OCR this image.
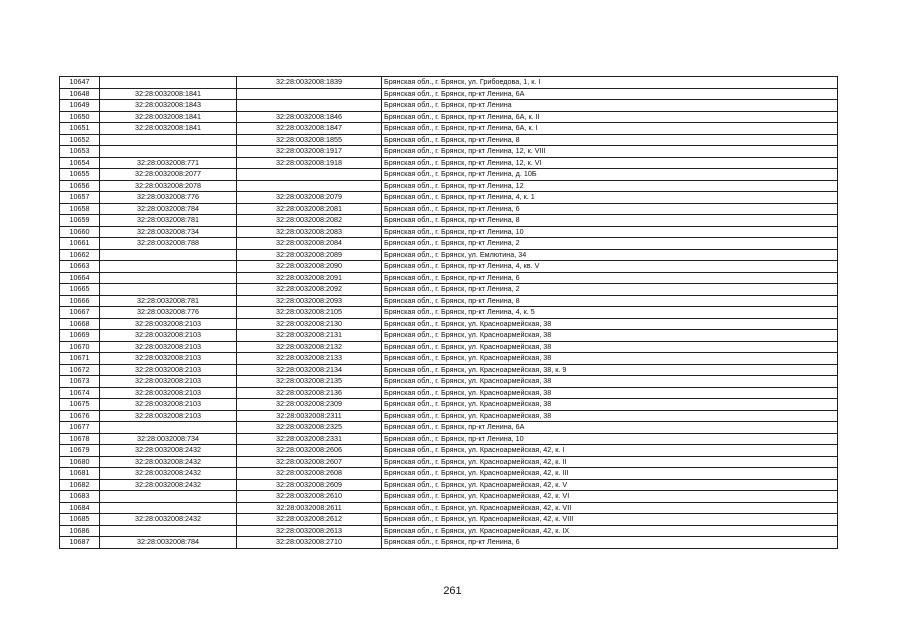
10647		32:28:0032008:1839	Брянская обл., г. Брянск, ул. Грибоедова, 1, к. I
10648	32:28:0032008:1841		Брянская обл., г. Брянск, пр-кт Ленина, 6А
10649	32:28:0032008:1843		Брянская обл., г. Брянск, пр-кт Ленина
10650	32:28:0032008:1841	32:28:0032008:1846	Брянская обл., г. Брянск, пр-кт Ленина, 6А, к. II
10651	32:28:0032008:1841	32:28:0032008:1847	Брянская обл., г. Брянск, пр-кт Ленина, 6А, к. I
10652		32:28:0032008:1855	Брянская обл., г. Брянск, пр-кт Ленина, 8
10653		32:28:0032008:1917	Брянская обл., г. Брянск, пр-кт Ленина, 12, к. VIII
10654	32:28:0032008:771	32:28:0032008:1918	Брянская обл., г. Брянск, пр-кт Ленина, 12, к. VI
10655	32:28:0032008:2077		Брянская обл., г. Брянск, пр-кт Ленина, д. 10Б
10656	32:28:0032008:2078		Брянская обл., г. Брянск, пр-кт Ленина, 12
10657	32:28:0032008:776	32:28:0032008:2079	Брянская обл., г. Брянск, пр-кт Ленина, 4, к. 1
10658	32:28:0032008:784	32:28:0032008:2081	Брянская обл., г. Брянск, пр-кт Ленина, 6
10659	32:28:0032008:781	32:28:0032008:2082	Брянская обл., г. Брянск, пр-кт Ленина, 8
10660	32:28:0032008:734	32:28:0032008:2083	Брянская обл., г. Брянск, пр-кт Ленина, 10
10661	32:28:0032008:788	32:28:0032008:2084	Брянская обл., г. Брянск, пр-кт Ленина, 2
10662		32:28:0032008:2089	Брянская обл., г. Брянск, ул. Емлютина, 34
10663		32:28:0032008:2090	Брянская обл., г. Брянск, пр-кт Ленина, 4, кв. V
10664		32:28:0032008:2091	Брянская обл., г. Брянск, пр-кт Ленина, 6
10665		32:28:0032008:2092	Брянская обл., г. Брянск, пр-кт Ленина, 2
10666	32:28:0032008:781	32:28:0032008:2093	Брянская обл., г. Брянск, пр-кт Ленина, 8
10667	32:28:0032008:776	32:28:0032008:2105	Брянская обл., г. Брянск, пр-кт Ленина, 4, к. 5
10668	32:28:0032008:2103	32:28:0032008:2130	Брянская обл., г. Брянск, ул. Красноармейская, 38
10669	32:28:0032008:2103	32:28:0032008:2131	Брянская обл., г. Брянск, ул. Красноармейская, 38
10670	32:28:0032008:2103	32:28:0032008:2132	Брянская обл., г. Брянск, ул. Красноармейская, 38
10671	32:28:0032008:2103	32:28:0032008:2133	Брянская обл., г. Брянск, ул. Красноармейская, 38
10672	32:28:0032008:2103	32:28:0032008:2134	Брянская обл., г. Брянск, ул. Красноармейская, 38, к. 9
10673	32:28:0032008:2103	32:28:0032008:2135	Брянская обл., г. Брянск, ул. Красноармейская, 38
10674	32:28:0032008:2103	32:28:0032008:2136	Брянская обл., г. Брянск, ул. Красноармейская, 38
10675	32:28:0032008:2103	32:28:0032008:2309	Брянская обл., г. Брянск, ул. Красноармейская, 38
10676	32:28:0032008:2103	32:28:0032008:2311	Брянская обл., г. Брянск, ул. Красноармейская, 38
10677		32:28:0032008:2325	Брянская обл., г. Брянск, пр-кт Ленина, 6А
10678	32:28:0032008:734	32:28:0032008:2331	Брянская обл., г. Брянск, пр-кт Ленина, 10
10679	32:28:0032008:2432	32:28:0032008:2606	Брянская обл., г. Брянск, ул. Красноармейская, 42, к. I
10680	32:28:0032008:2432	32:28:0032008:2607	Брянская обл., г. Брянск, ул. Красноармейская, 42, к. II
10681	32:28:0032008:2432	32:28:0032008:2608	Брянская обл., г. Брянск, ул. Красноармейская, 42, к. III
10682	32:28:0032008:2432	32:28:0032008:2609	Брянская обл., г. Брянск, ул. Красноармейская, 42, к. V
10683		32:28:0032008:2610	Брянская обл., г. Брянск, ул. Красноармейская, 42, к. VI
10684		32:28:0032008:2611	Брянская обл., г. Брянск, ул. Красноармейская, 42, к. VII
10685	32:28:0032008:2432	32:28:0032008:2612	Брянская обл., г. Брянск, ул. Красноармейская, 42, к. VIII
10686		32:28:0032008:2613	Брянская обл., г. Брянск, ул. Красноармейская, 42, к. IX
10687	32:28:0032008:784	32:28:0032008:2710	Брянская обл., г. Брянск, пр-кт Ленина, 6
261
